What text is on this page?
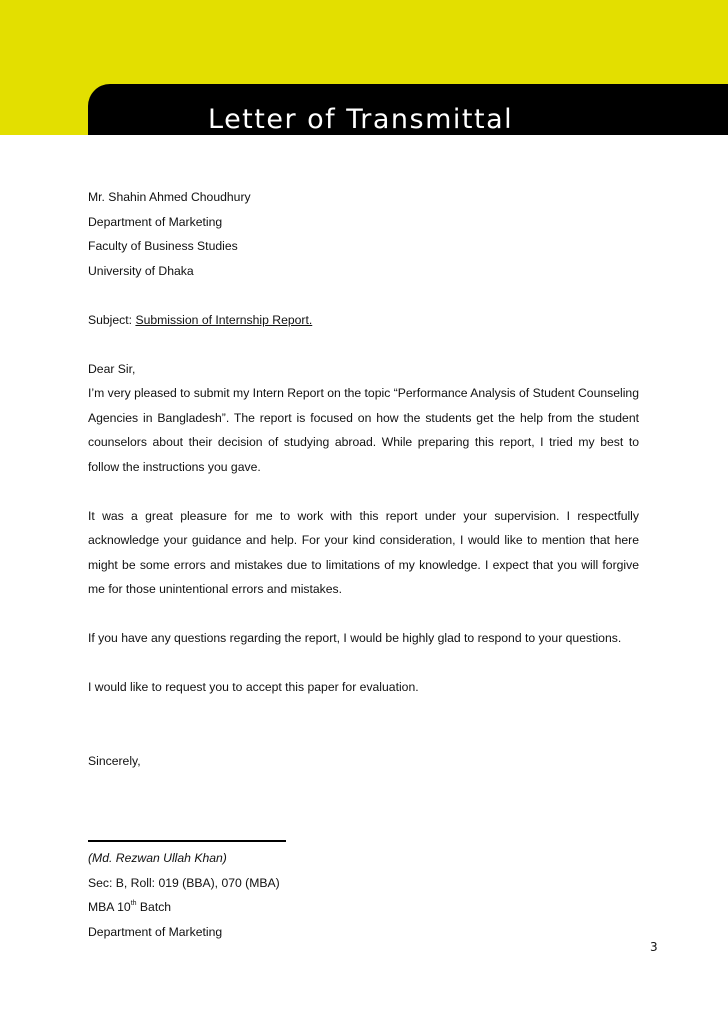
Letter of Transmittal

Mr. Shahin Ahmed Choudhury

Department of Marketing

Faculty of Business Studies

University of Dhaka

Subject: Submission of Internship Report.

Dear Sir,

I’m very pleased to submit my Intern Report on the topic “Performance Analysis of Student Counseling Agencies in Bangladesh”. The report is focused on how the students get the help from the student counselors about their decision of studying abroad. While preparing this report, I tried my best to follow the instructions you gave.

It was a great pleasure for me to work with this report under your supervision. I respectfully acknowledge your guidance and help. For your kind consideration, I would like to mention that here might be some errors and mistakes due to limitations of my knowledge. I expect that you will forgive me for those unintentional errors and mistakes.

If you have any questions regarding the report, I would be highly glad to respond to your questions.

I would like to request you to accept this paper for evaluation.

Sincerely,

(Md. Rezwan Ullah Khan)

Sec: B, Roll: 019 (BBA), 070 (MBA)

MBA 10th Batch

Department of Marketing

3
